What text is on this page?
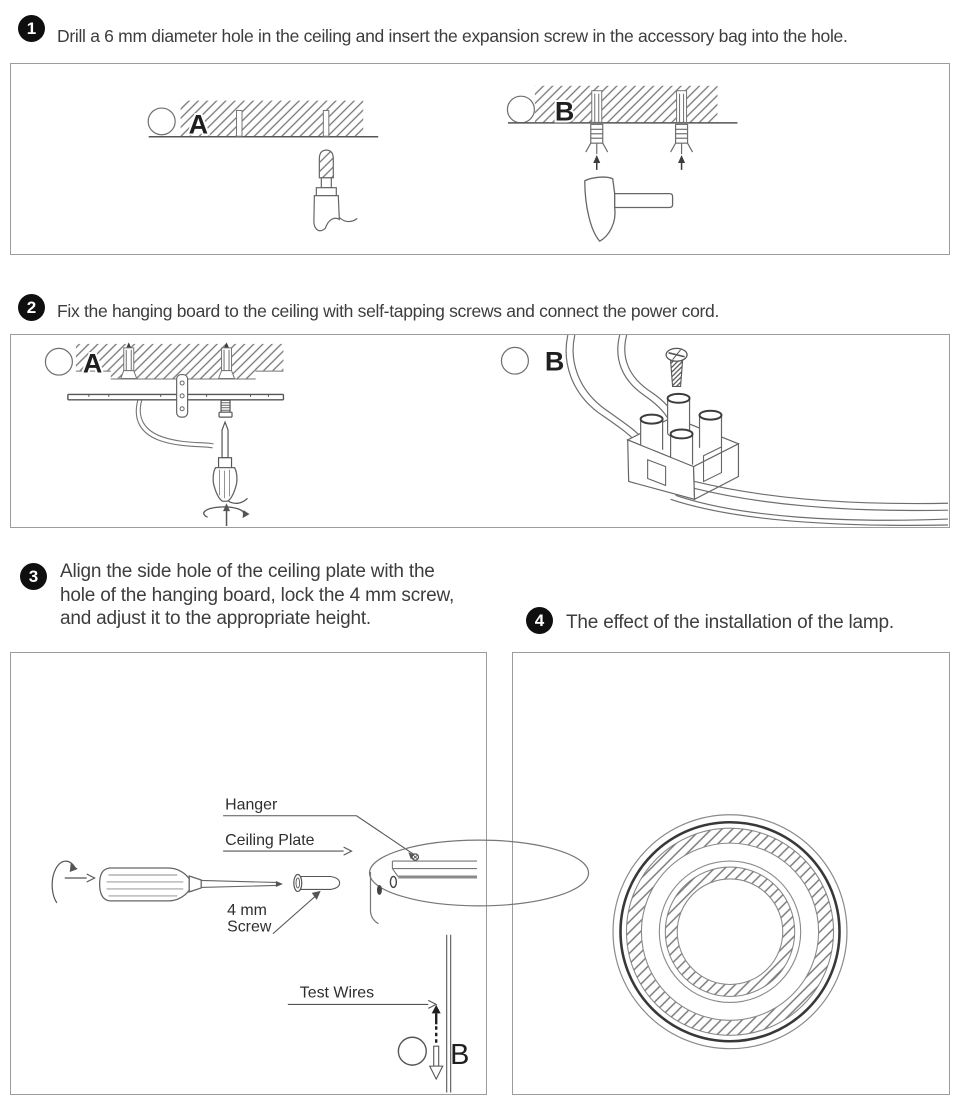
1	Drill a 6 mm diameter hole in the ceiling and insert the expansion screw in the accessory bag into the hole.
A	B
2	Fix the hanging board to the ceiling with self-tapping screws and connect the power cord.
A	B
3	Align the side hole of the ceiling plate with the
hole of the hanging board, lock the 4 mm screw,
and adjust it to the appropriate height.	4	The effect of the installation of the lamp.
Hanger
Ceiling Plate
4 mm
Screw
Test Wires
B
